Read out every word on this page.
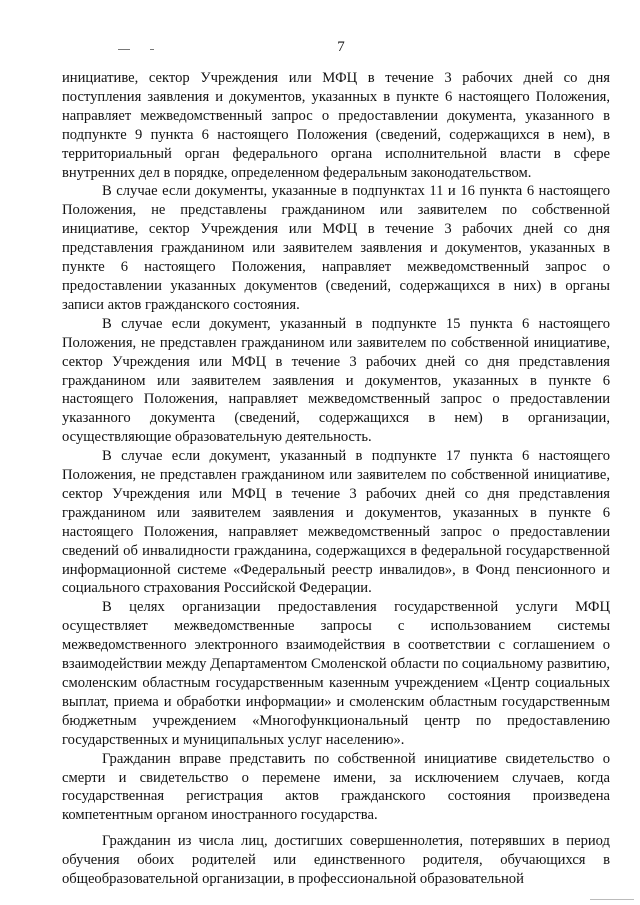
7

инициативе, сектор Учреждения или МФЦ в течение 3 рабочих дней со дня поступления заявления и документов, указанных в пункте 6 настоящего Положения, направляет межведомственный запрос о предоставлении документа, указанного в подпункте 9 пункта 6 настоящего Положения (сведений, содержащихся в нем), в территориальный орган федерального органа исполнительной власти в сфере внутренних дел в порядке, определенном федеральным законодательством.

В случае если документы, указанные в подпунктах 11 и 16 пункта 6 настоящего Положения, не представлены гражданином или заявителем по собственной инициативе, сектор Учреждения или МФЦ в течение 3 рабочих дней со дня представления гражданином или заявителем заявления и документов, указанных в пункте 6 настоящего Положения, направляет межведомственный запрос о предоставлении указанных документов (сведений, содержащихся в них) в органы записи актов гражданского состояния.

В случае если документ, указанный в подпункте 15 пункта 6 настоящего Положения, не представлен гражданином или заявителем по собственной инициативе, сектор Учреждения или МФЦ в течение 3 рабочих дней со дня представления гражданином или заявителем заявления и документов, указанных в пункте 6 настоящего Положения, направляет межведомственный запрос о предоставлении указанного документа (сведений, содержащихся в нем) в организации, осуществляющие образовательную деятельность.

В случае если документ, указанный в подпункте 17 пункта 6 настоящего Положения, не представлен гражданином или заявителем по собственной инициативе, сектор Учреждения или МФЦ в течение 3 рабочих дней со дня представления гражданином или заявителем заявления и документов, указанных в пункте 6 настоящего Положения, направляет межведомственный запрос о предоставлении сведений об инвалидности гражданина, содержащихся в федеральной государственной информационной системе «Федеральный реестр инвалидов», в Фонд пенсионного и социального страхования Российской Федерации.

В целях организации предоставления государственной услуги МФЦ осуществляет межведомственные запросы с использованием системы межведомственного электронного взаимодействия в соответствии с соглашением о взаимодействии между Департаментом Смоленской области по социальному развитию, смоленским областным государственным казенным учреждением «Центр социальных выплат, приема и обработки информации» и смоленским областным государственным бюджетным учреждением «Многофункциональный центр по предоставлению государственных и муниципальных услуг населению».

Гражданин вправе представить по собственной инициативе свидетельство о смерти и свидетельство о перемене имени, за исключением случаев, когда государственная регистрация актов гражданского состояния произведена компетентным органом иностранного государства.

Гражданин из числа лиц, достигших совершеннолетия, потерявших в период обучения обоих родителей или единственного родителя, обучающихся в общеобразовательной организации, в профессиональной образовательной
